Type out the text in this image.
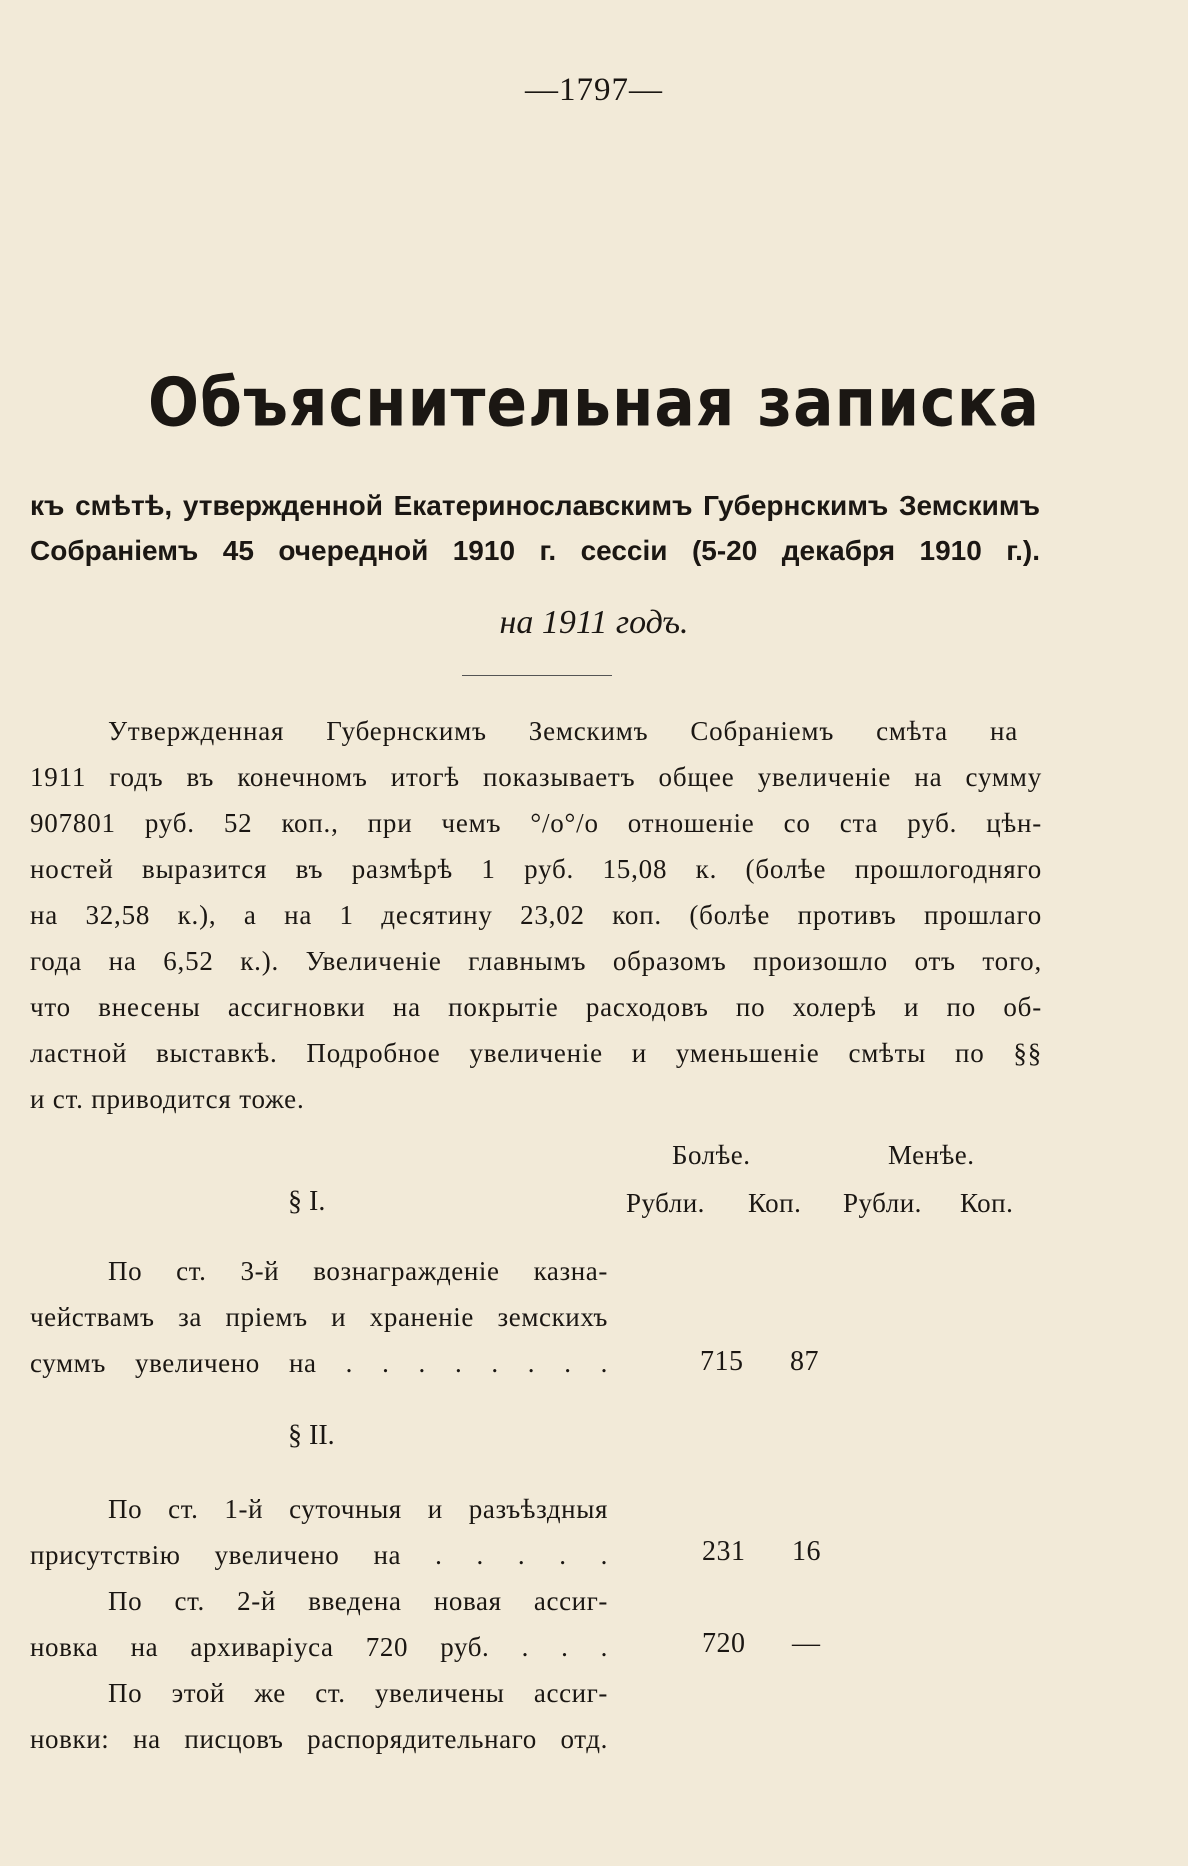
—1797—
Объяснительная записка
къ смѣтѣ, утвержденной Екатеринославскимъ Губернскимъ Земскимъ
Собраніемъ 45 очередной 1910 г. сессіи (5-20 декабря 1910 г.).
на 1911 годъ.
Утвержденная Губернскимъ Земскимъ Собраніемъ смѣта на
1911 годъ въ конечномъ итогѣ показываетъ общее увеличеніе на сумму
907801 руб. 52 коп., при чемъ °/о°/о отношеніе со ста руб. цѣн-
ностей выразится въ размѣрѣ 1 руб. 15,08 к. (болѣе прошлогодняго
на 32,58 к.), а на 1 десятину 23,02 коп. (болѣе противъ прошлаго
года на 6,52 к.). Увеличеніе главнымъ образомъ произошло отъ того,
что внесены ассигновки на покрытіе расходовъ по холерѣ и по об-
ластной выставкѣ. Подробное увеличеніе и уменьшеніе смѣты по §§
и ст. приводится тоже.
Болѣе.	Менѣе.
Рубли. Коп. Рубли. Коп.
§ I.
По ст. 3-й вознагражденіе казна-
чействамъ за пріемъ и храненіе земскихъ
суммъ увеличено на . . . . . . . .	715 87
§ II.
По ст. 1-й суточныя и разъѣздныя
присутствію увеличено на . . . . .	231 16
По ст. 2-й введена новая ассиг-
новка на архиваріуса 720 руб. . . .	720 —
По этой же ст. увеличены ассиг-
новки: на писцовъ распорядительнаго отд.
